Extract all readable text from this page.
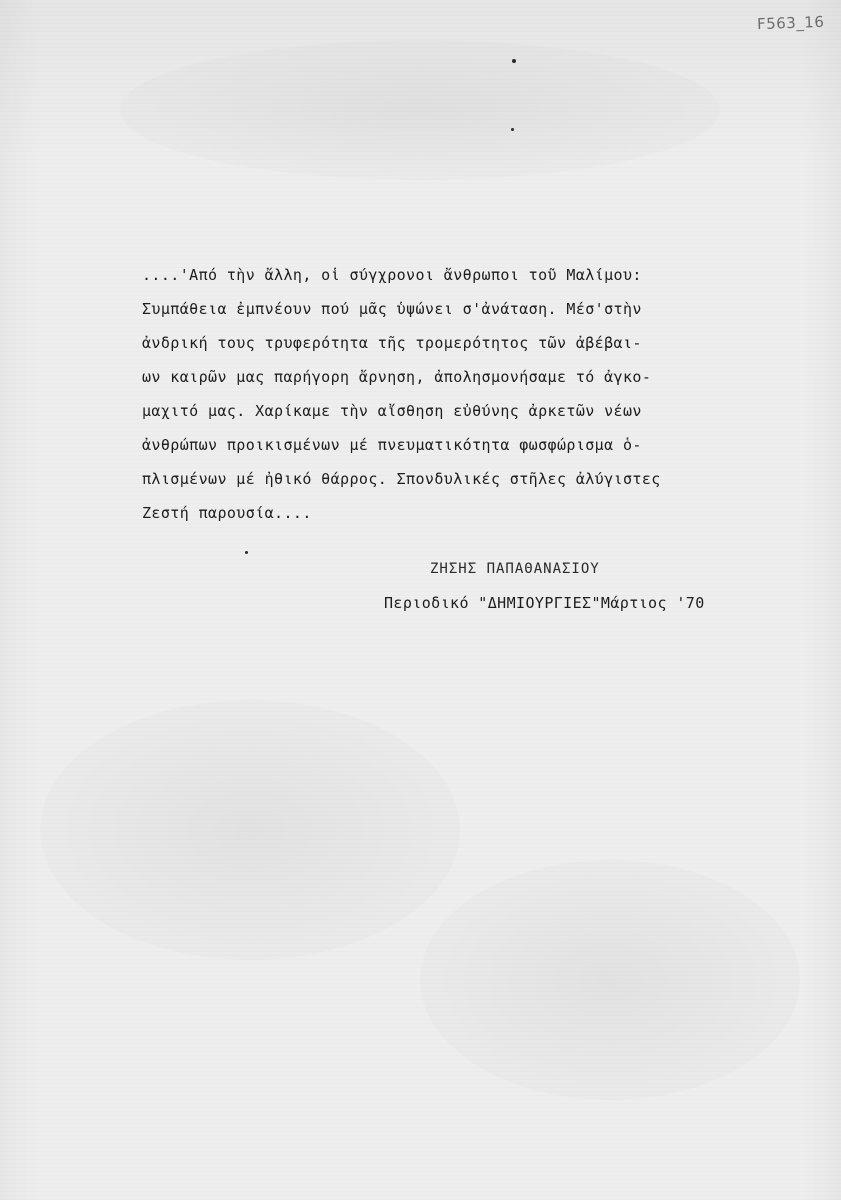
F563_16

....'Από τὴν ἄλλη, οἱ σύγχρονοι ἄνθρωποι τοῦ Μαλίμου:
Συμπάθεια ἐμπνέουν πού μᾶς ὑψώνει σ'ἀνάταση. Μέσ'στὴν
ἀνδρική τους τρυφερότητα τῆς τρομερότητος τῶν ἀβέβαι-
ων καιρῶν μας παρήγορη ἄρνηση, ἀπολησμονήσαμε τό ἀγκο-
μαχιτό μας. Χαρίκαμε τὴν αἴσθηση εὐθύνης ἀρκετῶν νέων
ἀνθρώπων προικισμένων μέ πνευματικότητα φωσφώρισμα ὁ-
πλισμένων μέ ἠθικό θάρρος. Σπονδυλικές στῆλες ἀλύγιστες
Ζεστή παρουσία....

ΖΗΣΗΣ ΠΑΠΑΘΑΝΑΣΙΟΥ

Περιοδικό "ΔΗΜΙΟΥΡΓΙΕΣ"Μάρτιος '70
